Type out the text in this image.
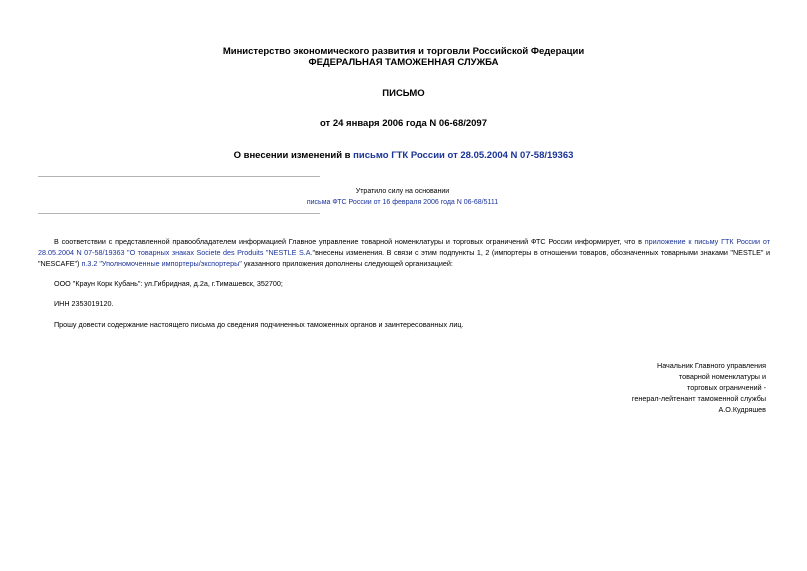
Министерство экономического развития и торговли Российской Федерации
ФЕДЕРАЛЬНАЯ ТАМОЖЕННАЯ СЛУЖБА
ПИСЬМО
от 24 января 2006 года N 06-68/2097
О внесении изменений в письмо ГТК России от 28.05.2004 N 07-58/19363
Утратило силу на основании
письма ФТС России от 16 февраля 2006 года N 06-68/5111
В соответствии с представленной правообладателем информацией Главное управление товарной номенклатуры и торговых ограничений ФТС России информирует, что в приложение к письму ГТК России от 28.05.2004 N 07-58/19363 "О товарных знаках Societe des Produits "NESTLE S.A."внесены изменения. В связи с этим подпункты 1, 2 (импортеры в отношении товаров, обозначенных товарными знаками "NESTLE" и "NESCAFE") п.3.2 "Уполномоченные импортеры/экспортеры" указанного приложения дополнены следующей организацией:
ООО "Краун Корк Кубань": ул.Гибридная, д.2а, г.Тимашевск, 352700;
ИНН 2353019120.
Прошу довести содержание настоящего письма до сведения подчиненных таможенных органов и заинтересованных лиц.
Начальник Главного управления
товарной номенклатуры и
торговых ограничений -
генерал-лейтенант таможенной службы
А.О.Кудряшев
